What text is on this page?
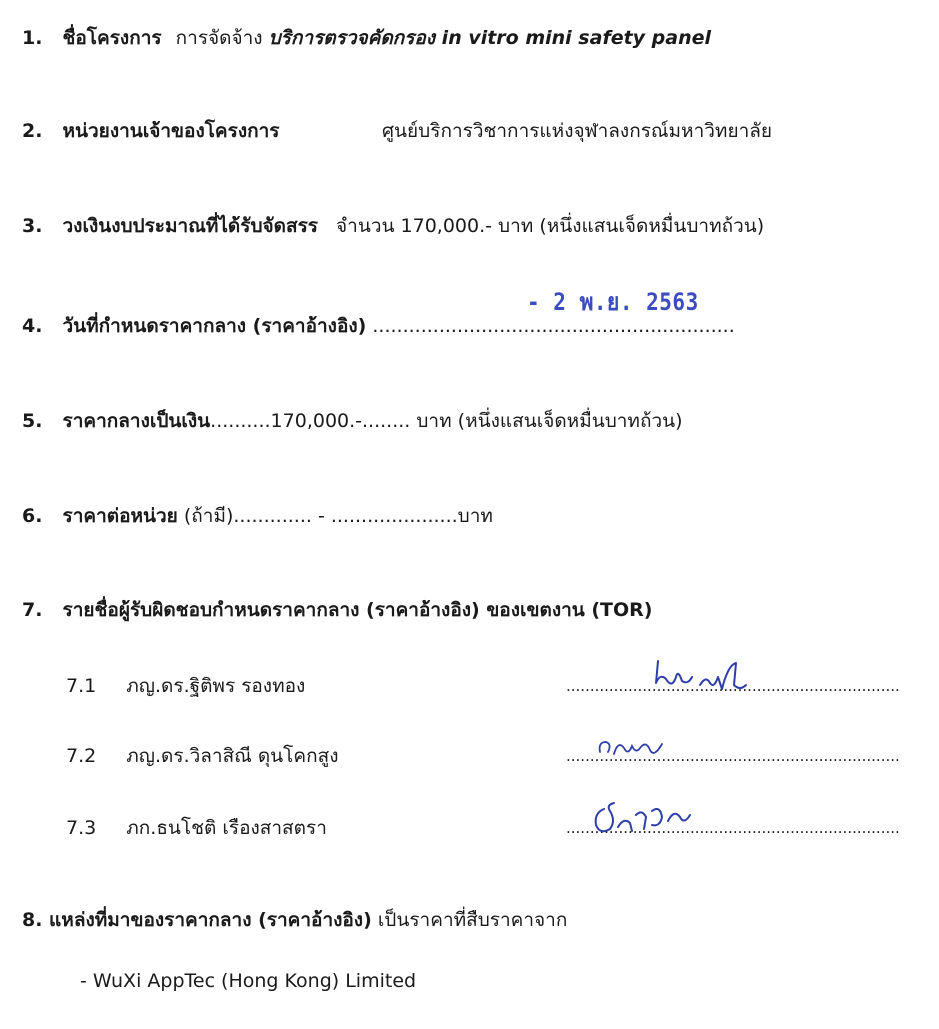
1. ชื่อโครงการ การจัดจ้าง บริการตรวจคัดกรอง in vitro mini safety panel
2. หน่วยงานเจ้าของโครงการ	ศูนย์บริการวิชาการแห่งจุฬาลงกรณ์มหาวิทยาลัย
3. วงเงินงบประมาณที่ได้รับจัดสรร จำนวน 170,000.- บาท (หนึ่งแสนเจ็ดหมื่นบาทถ้วน)
- 2 พ.ย. 2563
4. วันที่กำหนดราคากลาง (ราคาอ้างอิง) ............................................................
5. ราคากลางเป็นเงิน..........170,000.-........ บาท (หนึ่งแสนเจ็ดหมื่นบาทถ้วน)
6. ราคาต่อหน่วย (ถ้ามี)............. - .....................บาท
7. รายชื่อผู้รับผิดชอบกำหนดราคากลาง (ราคาอ้างอิง) ของเขตงาน (TOR)
7.1 ภญ.ดร.ฐิติพร รองทอง	......................................................................
7.2 ภญ.ดร.วิลาสิณี ดุนโคกสูง	......................................................................
7.3 ภก.ธนโชติ เรืองสาสตรา	......................................................................
8. แหล่งที่มาของราคากลาง (ราคาอ้างอิง) เป็นราคาที่สืบราคาจาก
- WuXi AppTec (Hong Kong) Limited
